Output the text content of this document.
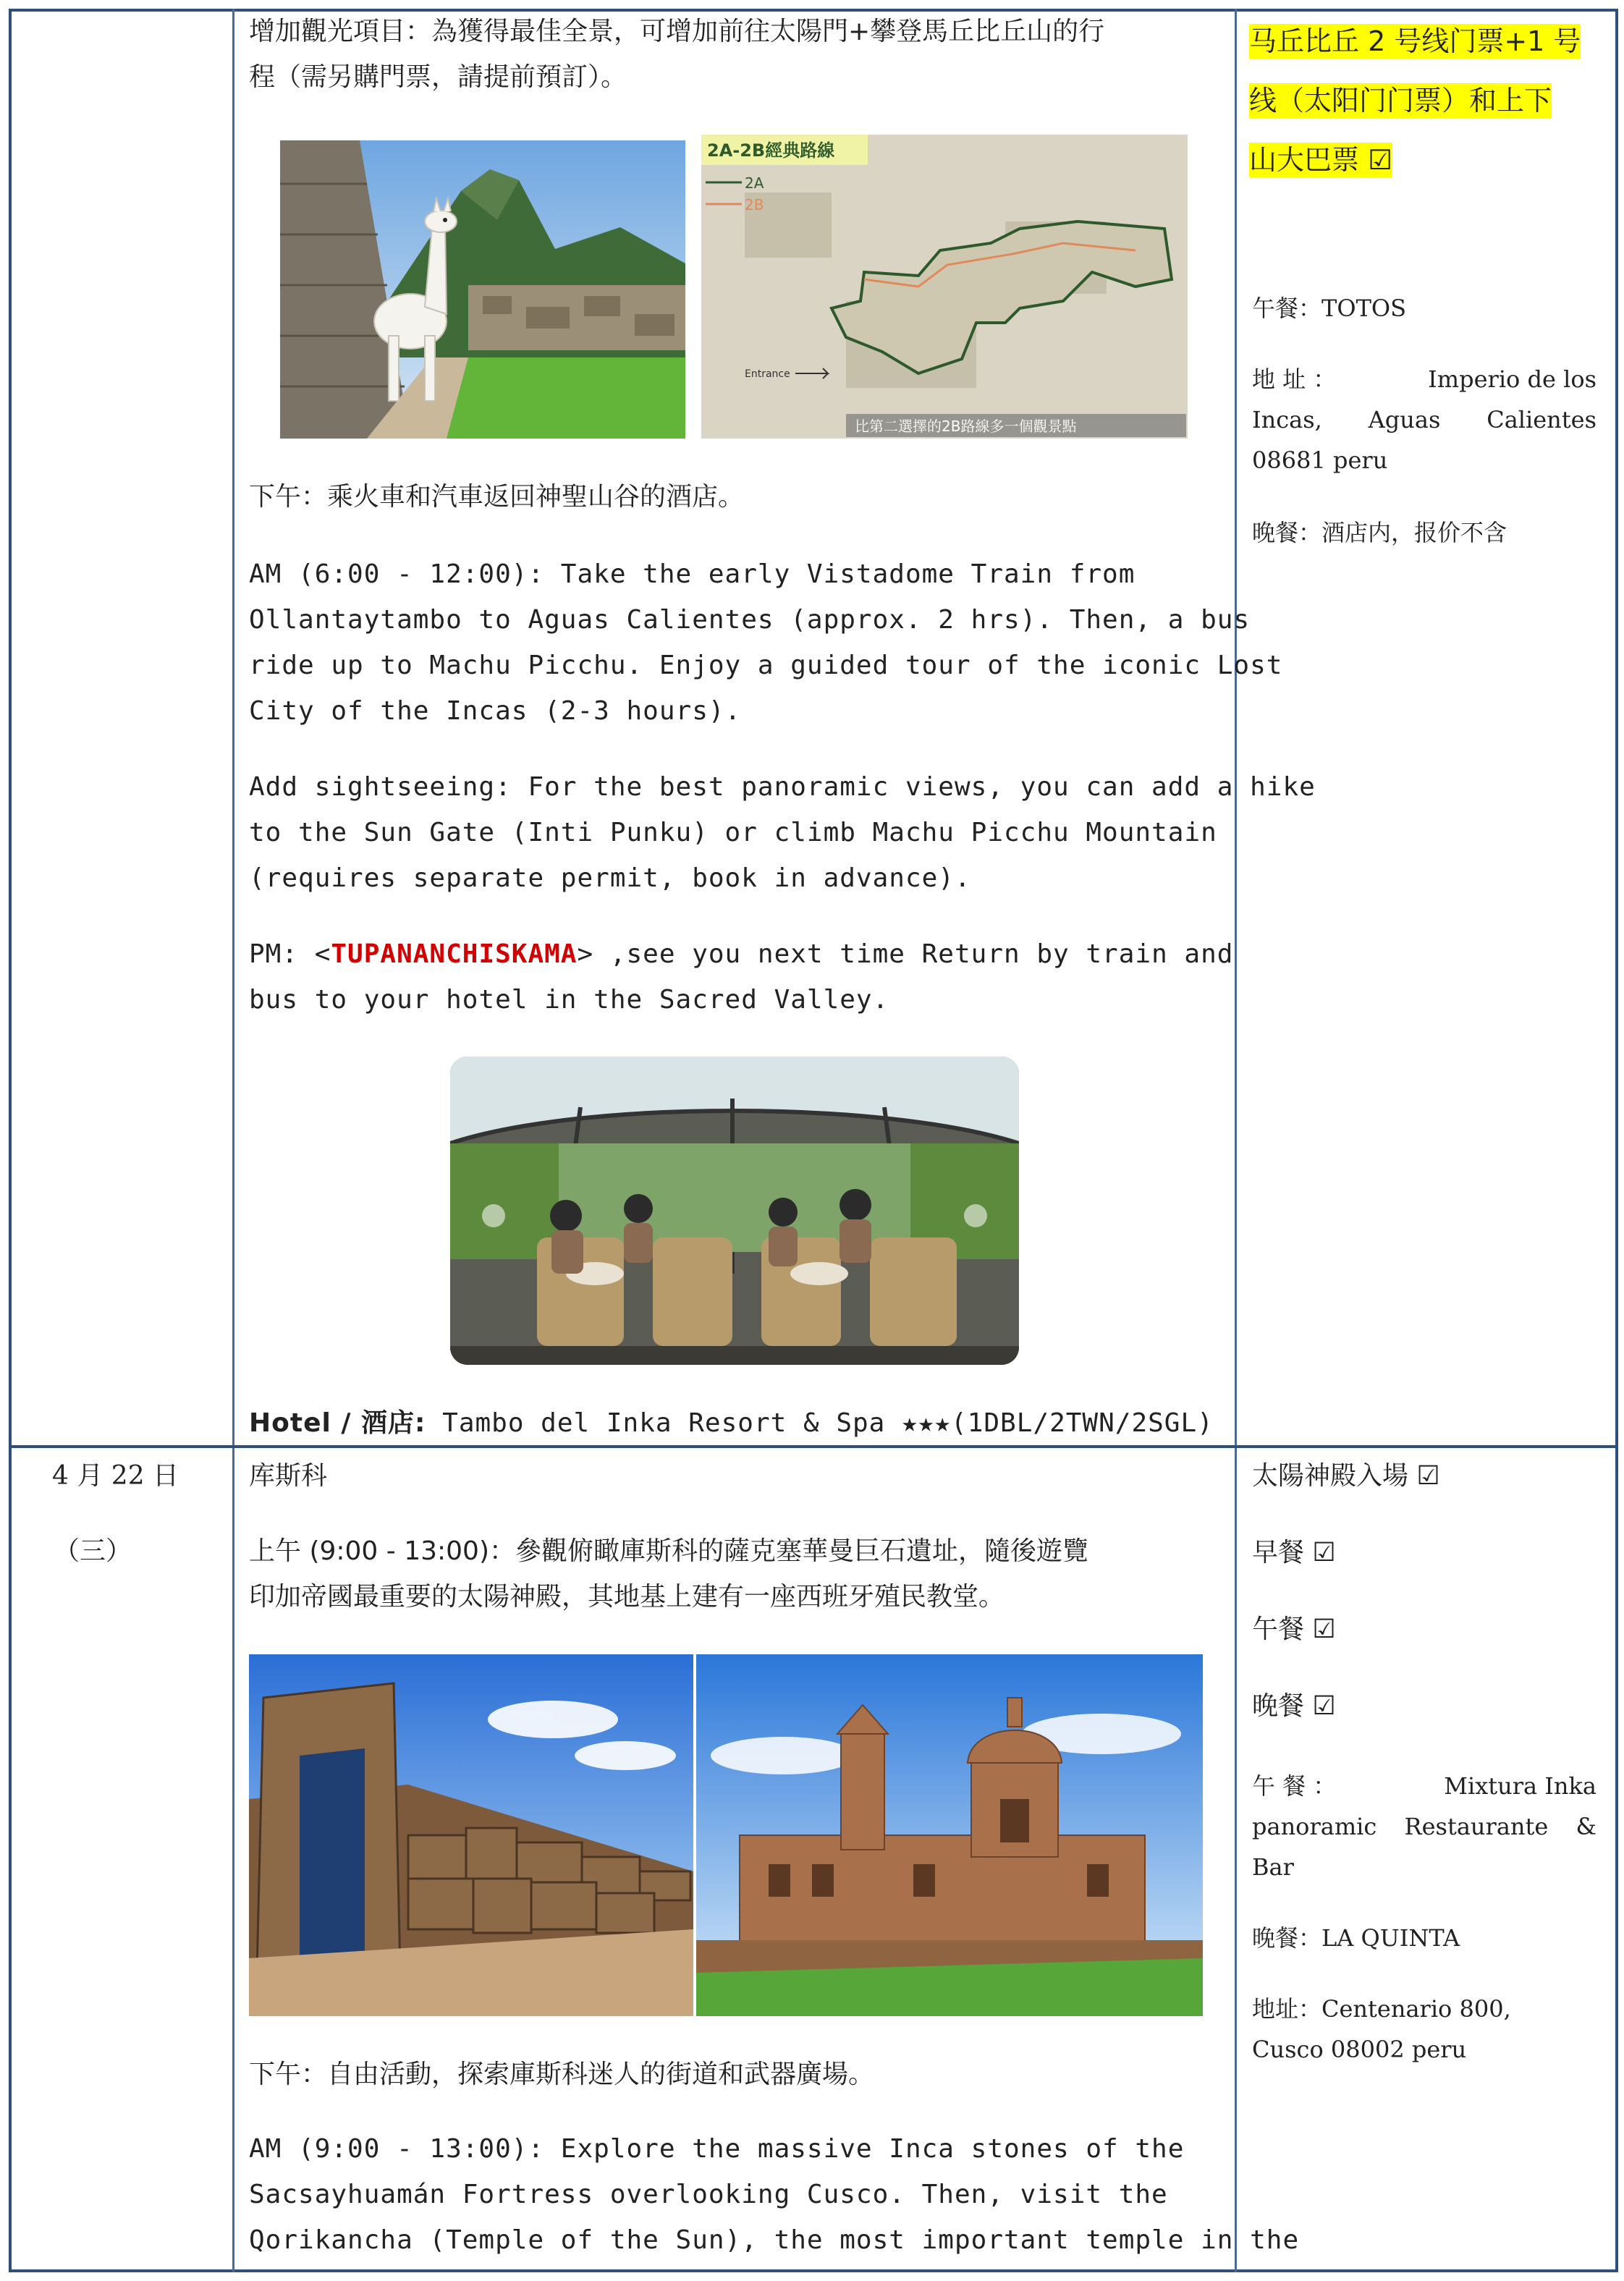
增加觀光項目：為獲得最佳全景，可增加前往太陽門+攀登馬丘比丘山的行

程（需另購門票，請提前預訂）。

2A-2B經典路線
2A
2B
Entrance
比第二選擇的2B路線多一個觀景點

下午：乘火車和汽車返回神聖山谷的酒店。

AM (6:00 - 12:00): Take the early Vistadome Train from

Ollantaytambo to Aguas Calientes (approx. 2 hrs). Then, a bus

ride up to Machu Picchu. Enjoy a guided tour of the iconic Lost

City of the Incas (2-3 hours).

Add sightseeing: For the best panoramic views, you can add a hike

to the Sun Gate (Inti Punku) or climb Machu Picchu Mountain

(requires separate permit, book in advance).

PM: <TUPANANCHISKAMA> ,see you next time Return by train and

bus to your hotel in the Sacred Valley.

Hotel / 酒店: Tambo del Inka Resort & Spa ★★★(1DBL/2TWN/2SGL)

马丘比丘 2 号线门票+1 号
线（太阳门门票）和上下
山大巴票 ☑

午餐：TOTOS

地 址 ：	Imperio de los
Incas, Aguas Calientes
08681 peru

晚餐：酒店内，报价不含

4 月 22 日

（三）

库斯科

上午 (9:00 - 13:00)：參觀俯瞰庫斯科的薩克塞華曼巨石遺址，隨後遊覽

印加帝國最重要的太陽神殿，其地基上建有一座西班牙殖民教堂。

下午：自由活動，探索庫斯科迷人的街道和武器廣場。

AM (9:00 - 13:00): Explore the massive Inca stones of the

Sacsayhuamán Fortress overlooking Cusco. Then, visit the

Qorikancha (Temple of the Sun), the most important temple in the

太陽神殿入場 ☑

早餐 ☑

午餐 ☑

晚餐 ☑

午 餐 ：	Mixtura Inka
panoramic Restaurante &
Bar

晚餐：LA QUINTA

地址：Centenario 800,

Cusco 08002 peru
